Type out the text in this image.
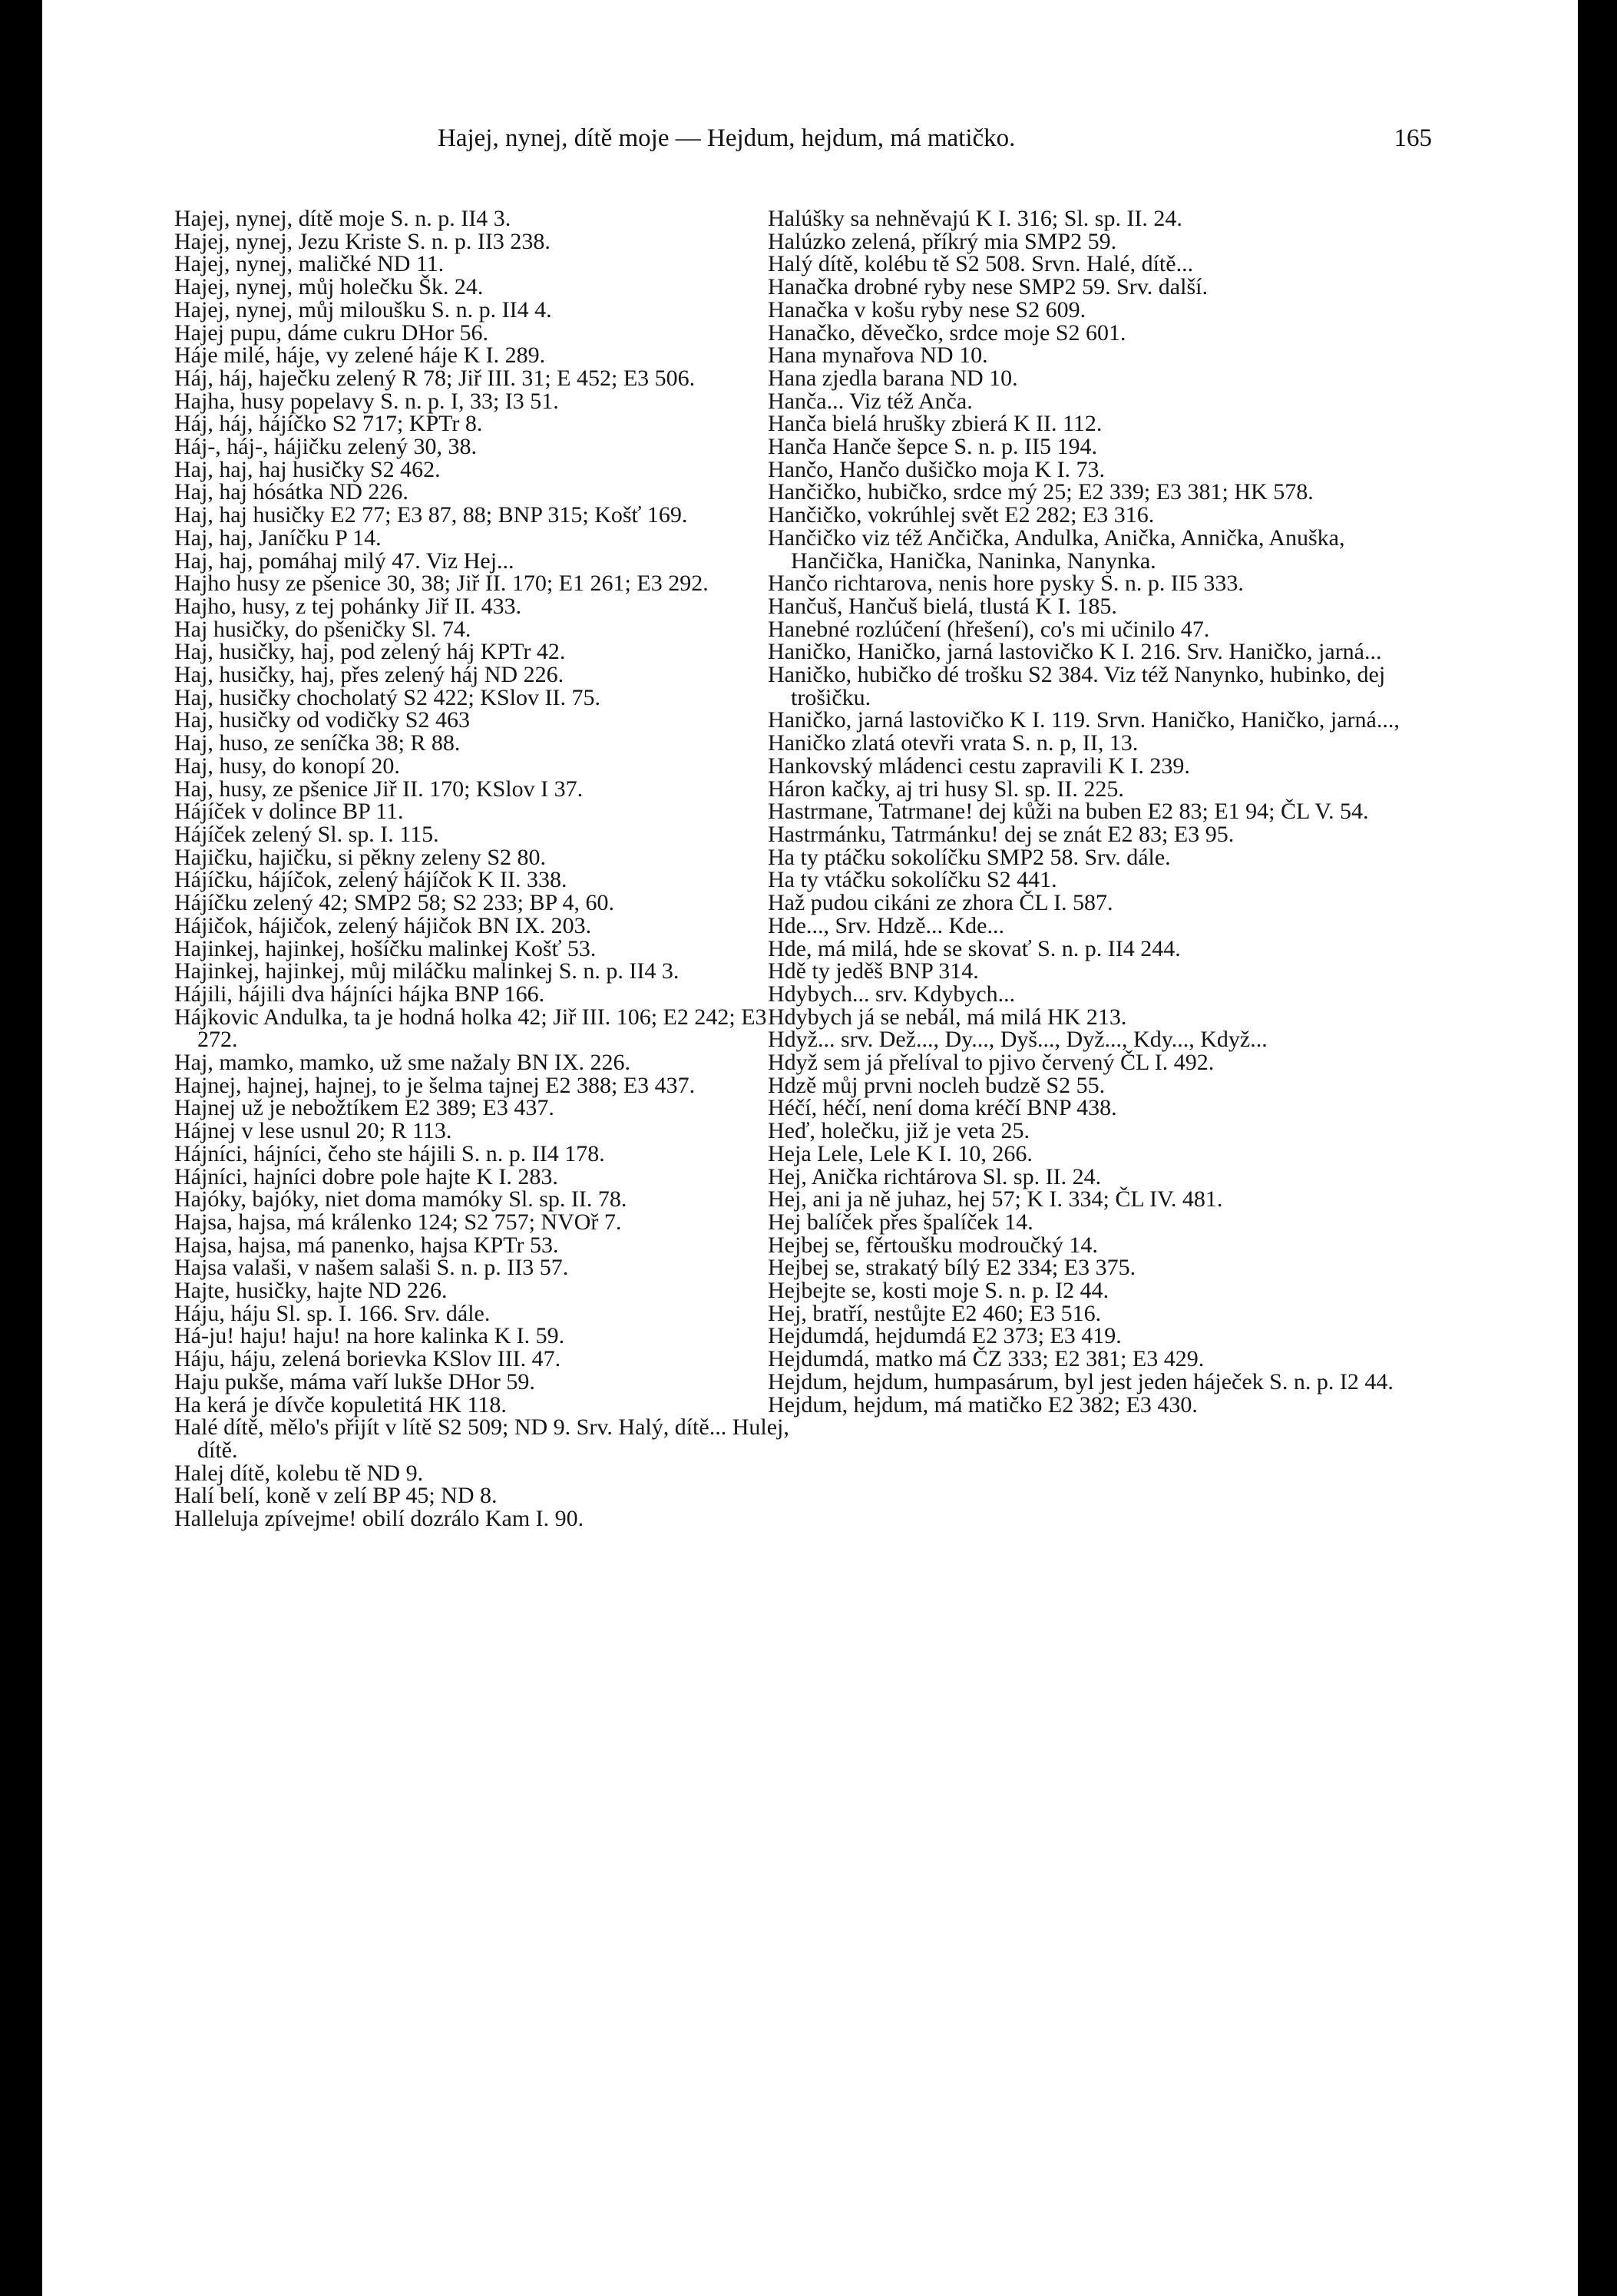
Hajej, nynej, dítě moje — Hejdum, hejdum, má matičko.	165

Hajej, nynej, dítě moje S. n. p. II4 3.

Hajej, nynej, Jezu Kriste S. n. p. II3 238.

Hajej, nynej, maličké ND 11.

Hajej, nynej, můj holečku Šk. 24.

Hajej, nynej, můj miloušku S. n. p. II4 4.

Hajej pupu, dáme cukru DHor 56.

Háje milé, háje, vy zelené háje K I. 289.

Háj, háj, haječku zelený R 78; Jiř III. 31; E 452; E3 506.

Hajha, husy popelavy S. n. p. I, 33; I3 51.

Háj, háj, hájíčko S2 717; KPTr 8.

Háj-, háj-, hájičku zelený 30, 38.

Haj, haj, haj husičky S2 462.

Haj, haj hósátka ND 226.

Haj, haj husičky E2 77; E3 87, 88; BNP 315; Košť 169.

Haj, haj, Janíčku P 14.

Haj, haj, pomáhaj milý 47. Viz Hej...

Hajho husy ze pšenice 30, 38; Jiř II. 170; E1 261; E3 292.

Hajho, husy, z tej pohánky Jiř II. 433.

Haj husičky, do pšeničky Sl. 74.

Haj, husičky, haj, pod zelený háj KPTr 42.

Haj, husičky, haj, přes zelený háj ND 226.

Haj, husičky chocholatý S2 422; KSlov II. 75.

Haj, husičky od vodičky S2 463

Haj, huso, ze seníčka 38; R 88.

Haj, husy, do konopí 20.

Haj, husy, ze pšenice Jiř II. 170; KSlov I 37.

Hájíček v dolince BP 11.

Hájíček zelený Sl. sp. I. 115.

Hajičku, hajičku, si pěkny zeleny S2 80.

Hájíčku, hájíčok, zelený hájíčok K II. 338.

Hájíčku zelený 42; SMP2 58; S2 233; BP 4, 60.

Hájičok, hájičok, zelený hájičok BN IX. 203.

Hajinkej, hajinkej, hošíčku malinkej Košť 53.

Hajinkej, hajinkej, můj miláčku malinkej S. n. p. II4 3.

Hájili, hájili dva hájníci hájka BNP 166.

Hájkovic Andulka, ta je hodná holka 42; Jiř III. 106; E2 242; E3 272.

Haj, mamko, mamko, už sme nažaly BN IX. 226.

Hajnej, hajnej, hajnej, to je šelma tajnej E2 388; E3 437.

Hajnej už je nebožtíkem E2 389; E3 437.

Hájnej v lese usnul 20; R 113.

Hájníci, hájníci, čeho ste hájili S. n. p. II4 178.

Hájníci, hajníci dobre pole hajte K I. 283.

Hajóky, bajóky, niet doma mamóky Sl. sp. II. 78.

Hajsa, hajsa, má králenko 124; S2 757; NVOř 7.

Hajsa, hajsa, má panenko, hajsa KPTr 53.

Hajsa valaši, v našem salaši S. n. p. II3 57.

Hajte, husičky, hajte ND 226.

Háju, háju Sl. sp. I. 166. Srv. dále.

Há-ju! haju! haju! na hore kalinka K I. 59.

Háju, háju, zelená borievka KSlov III. 47.

Haju pukše, máma vaří lukše DHor 59.

Ha kerá je dívče kopuletitá HK 118.

Halé dítě, mělo's přijít v lítě S2 509; ND 9. Srv. Halý, dítě... Hulej, dítě.

Halej dítě, kolebu tě ND 9.

Halí belí, koně v zelí BP 45; ND 8.

Halleluja zpívejme! obilí dozrálo Kam I. 90.

Halúšky sa nehněvajú K I. 316; Sl. sp. II. 24.

Halúzko zelená, příkrý mia SMP2 59.

Halý dítě, kolébu tě S2 508. Srvn. Halé, dítě...

Hanačka drobné ryby nese SMP2 59. Srv. další.

Hanačka v košu ryby nese S2 609.

Hanačko, děvečko, srdce moje S2 601.

Hana mynařova ND 10.

Hana zjedla barana ND 10.

Hanča... Viz též Anča.

Hanča bielá hrušky zbierá K II. 112.

Hanča Hanče šepce S. n. p. II5 194.

Hančo, Hančo dušičko moja K I. 73.

Hančičko, hubičko, srdce mý 25; E2 339; E3 381; HK 578.

Hančičko, vokrúhlej svět E2 282; E3 316.

Hančičko viz též Ančička, Andulka, Anička, Annička, Anuška, Hančička, Hanička, Naninka, Nanynka.

Hančo richtarova, nenis hore pysky S. n. p. II5 333.

Hančuš, Hančuš bielá, tlustá K I. 185.

Hanebné rozlúčení (hřešení), co's mi učinilo 47.

Haničko, Haničko, jarná lastovičko K I. 216. Srv. Haničko, jarná...

Haničko, hubičko dé trošku S2 384. Viz též Nanynko, hubinko, dej trošičku.

Haničko, jarná lastovičko K I. 119. Srvn. Haničko, Haničko, jarná...,

Haničko zlatá otevři vrata S. n. p, II, 13.

Hankovský mládenci cestu zapravili K I. 239.

Háron kačky, aj tri husy Sl. sp. II. 225.

Hastrmane, Tatrmane! dej kůži na buben E2 83; E1 94; ČL V. 54.

Hastrmánku, Tatrmánku! dej se znát E2 83; E3 95.

Ha ty ptáčku sokolíčku SMP2 58. Srv. dále.

Ha ty vtáčku sokolíčku S2 441.

Haž pudou cikáni ze zhora ČL I. 587.

Hde..., Srv. Hdzě... Kde...

Hde, má milá, hde se skovať S. n. p. II4 244.

Hdě ty jeděš BNP 314.

Hdybych... srv. Kdybych...

Hdybych já se nebál, má milá HK 213.

Hdyž... srv. Dež..., Dy..., Dyš..., Dyž..., Kdy..., Když...

Hdyž sem já přelíval to pjivo červený ČL I. 492.

Hdzě můj prvni nocleh budzě S2 55.

Héčí, héčí, není doma kréčí BNP 438.

Heď, holečku, již je veta 25.

Heja Lele, Lele K I. 10, 266.

Hej, Anička richtárova Sl. sp. II. 24.

Hej, ani ja ně juhaz, hej 57; K I. 334; ČL IV. 481.

Hej balíček přes špalíček 14.

Hejbej se, fěrtoušku modroučký 14.

Hejbej se, strakatý bílý E2 334; E3 375.

Hejbejte se, kosti moje S. n. p. I2 44.

Hej, bratří, nestůjte E2 460; E3 516.

Hejdumdá, hejdumdá E2 373; E3 419.

Hejdumdá, matko má ČZ 333; E2 381; E3 429.

Hejdum, hejdum, humpasárum, byl jest jeden háječek S. n. p. I2 44.

Hejdum, hejdum, má matičko E2 382; E3 430.
